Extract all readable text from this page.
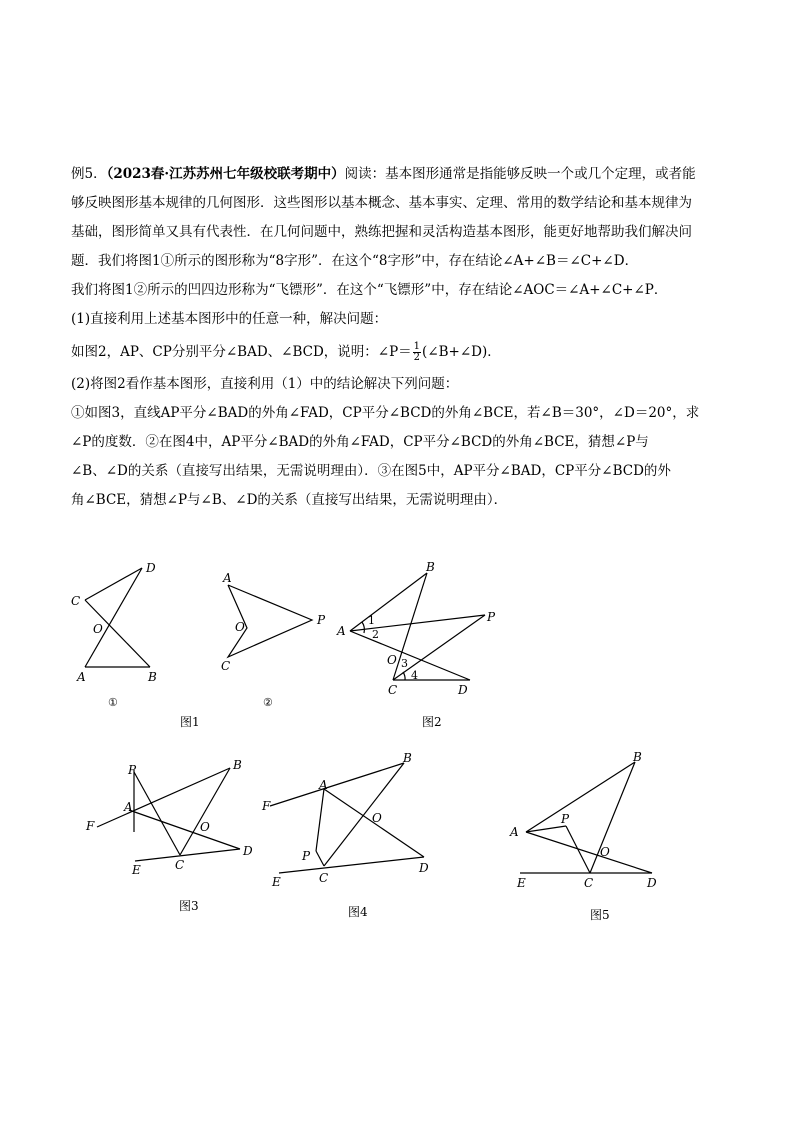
例5．（2023春·江苏苏州七年级校联考期中）阅读：基本图形通常是指能够反映一个或几个定理，或者能
够反映图形基本规律的几何图形．这些图形以基本概念、基本事实、定理、常用的数学结论和基本规律为
基础，图形简单又具有代表性．在几何问题中，熟练把握和灵活构造基本图形，能更好地帮助我们解决问
题．我们将图1①所示的图形称为“8字形”．在这个“8字形”中，存在结论∠A+∠B＝∠C+∠D．
我们将图1②所示的凹四边形称为“飞镖形”．在这个“飞镖形”中，存在结论∠AOC＝∠A+∠C+∠P．
(1)直接利用上述基本图形中的任意一种，解决问题：
如图2，AP、CP分别平分∠BAD、∠BCD，说明：∠P＝ $\frac{1}{2}$ (∠B+∠D)．
(2)将图2看作基本图形，直接利用（1）中的结论解决下列问题：
①如图3，直线AP平分∠BAD的外角∠FAD，CP平分∠BCD的外角∠BCE，若∠B＝30°，∠D＝20°，求
∠P的度数．②在图4中，AP平分∠BAD的外角∠FAD，CP平分∠BCD的外角∠BCE，猜想∠P与
∠B、∠D的关系（直接写出结果，无需说明理由）．③在图5中，AP平分∠BAD，CP平分∠BCD的外
角∠BCE，猜想∠P与∠B、∠D的关系（直接写出结果，无需说明理由）．
D
C
O
A	B
A
O
C
P
①	②
图1
B
A
P
O
C	D
1
2
3
4
图2
P	B
A
F	O
D
E	C
图3
B
A
F
O
P
D
C
E
图4
B
P
A
O
E	C	D
图5
